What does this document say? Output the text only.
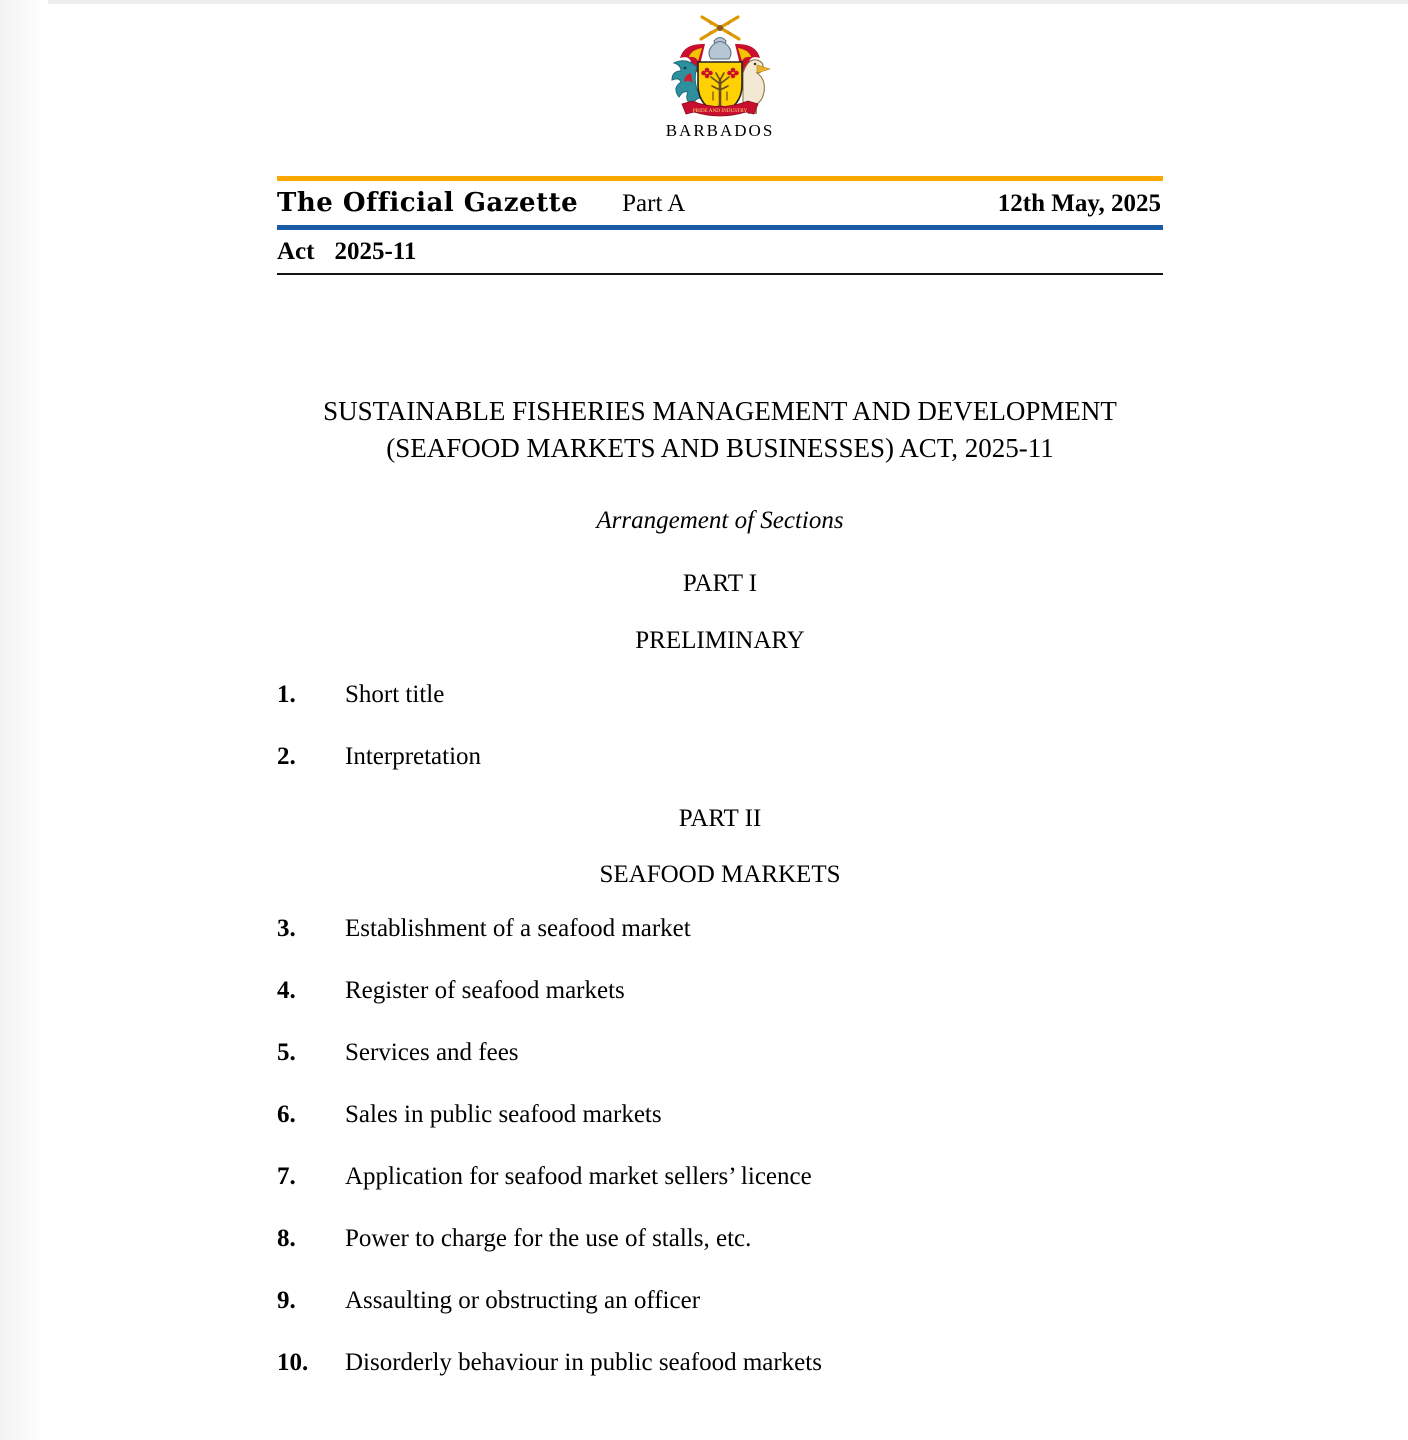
PRIDE AND INDUSTRY
BARBADOS
The Official Gazette Part A	12th May, 2025
Act 2025-11
SUSTAINABLE FISHERIES MANAGEMENT AND DEVELOPMENT
(SEAFOOD MARKETS AND BUSINESSES) ACT, 2025-11
Arrangement of Sections
PART I
PRELIMINARY
1.	Short title
2.	Interpretation
PART II
SEAFOOD MARKETS
3.	Establishment of a seafood market
4.	Register of seafood markets
5.	Services and fees
6.	Sales in public seafood markets
7.	Application for seafood market sellers’ licence
8.	Power to charge for the use of stalls, etc.
9.	Assaulting or obstructing an officer
10.	Disorderly behaviour in public seafood markets
